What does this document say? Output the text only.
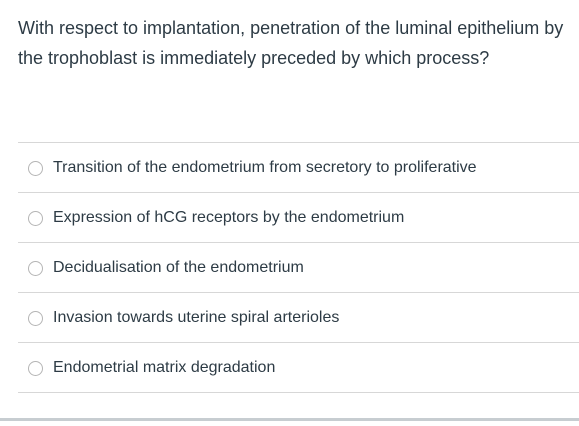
With respect to implantation, penetration of the luminal epithelium by the trophoblast is immediately preceded by which process?
Transition of the endometrium from secretory to proliferative
Expression of hCG receptors by the endometrium
Decidualisation of the endometrium
Invasion towards uterine spiral arterioles
Endometrial matrix degradation
